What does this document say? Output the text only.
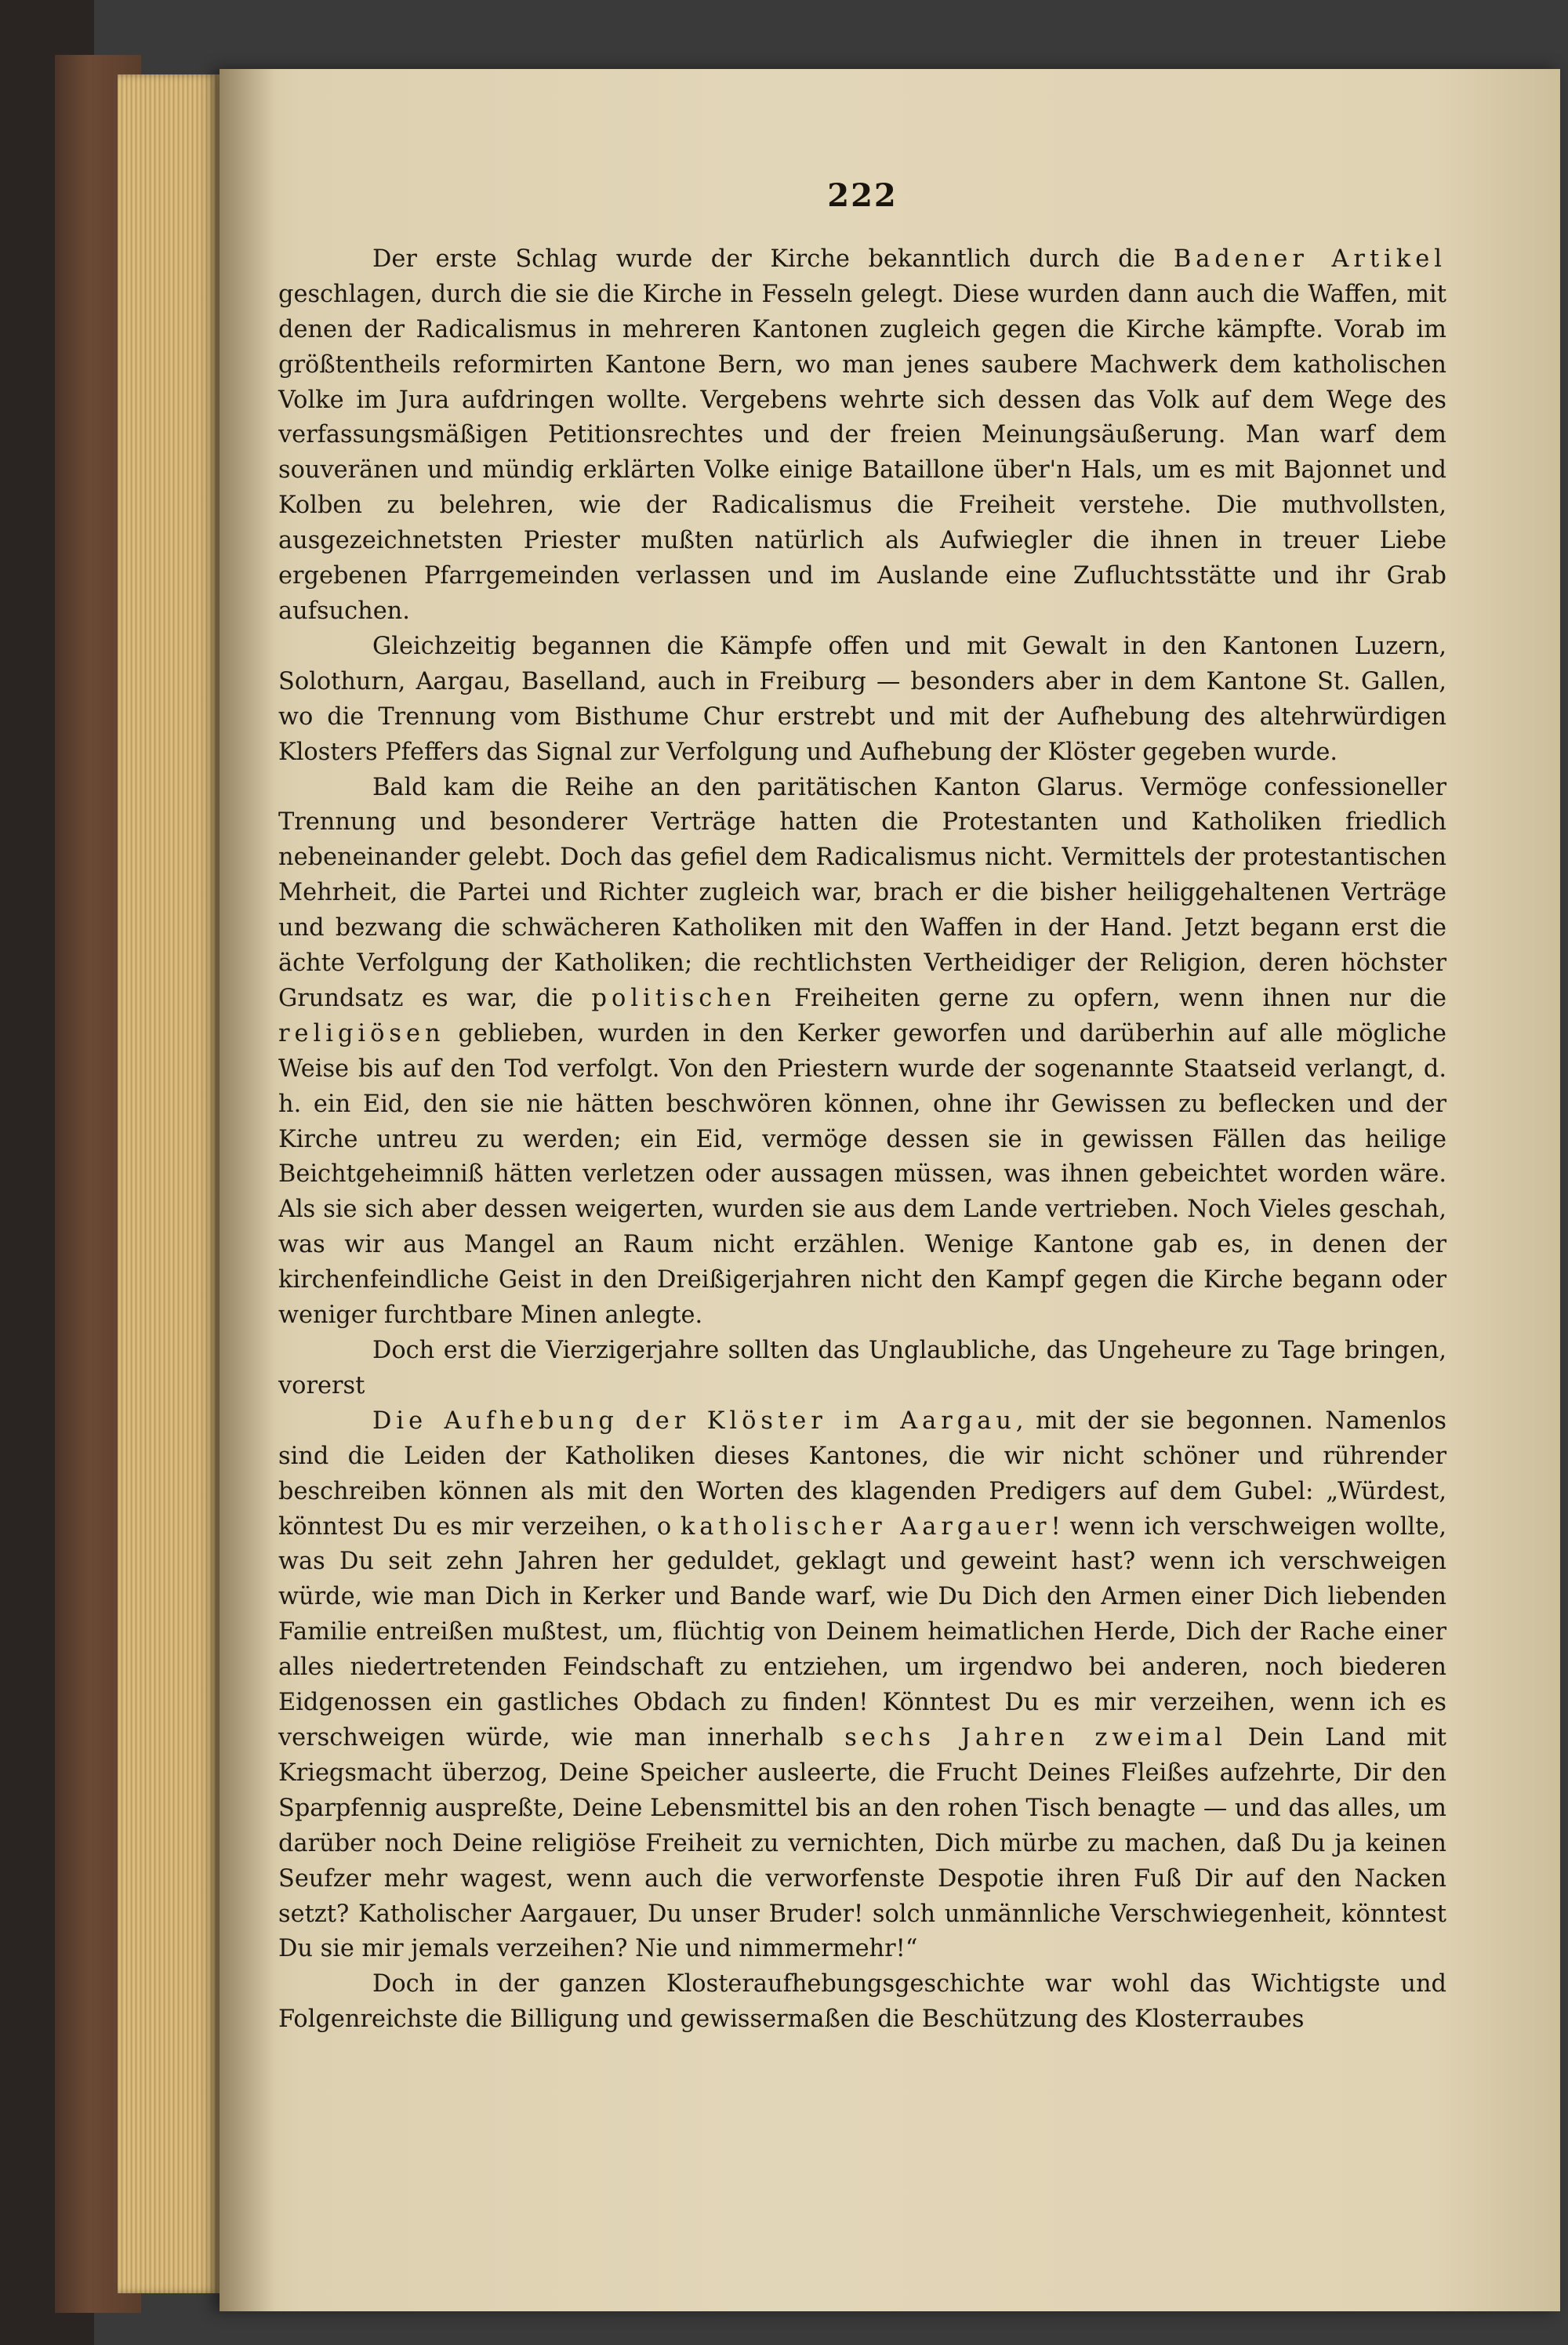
222

Der erste Schlag wurde der Kirche bekanntlich durch die Badener Artikel geschlagen, durch die sie die Kirche in Fesseln gelegt. Diese wurden dann auch die Waffen, mit denen der Radicalismus in mehreren Kantonen zugleich gegen die Kirche kämpfte. Vorab im größtentheils reformirten Kantone Bern, wo man jenes saubere Machwerk dem katholischen Volke im Jura aufdringen wollte. Vergebens wehrte sich dessen das Volk auf dem Wege des verfassungsmäßigen Petitionsrechtes und der freien Meinungsäußerung. Man warf dem souveränen und mündig erklärten Volke einige Bataillone über'n Hals, um es mit Bajonnet und Kolben zu belehren, wie der Radicalismus die Freiheit verstehe. Die muthvollsten, ausgezeichnetsten Priester mußten natürlich als Aufwiegler die ihnen in treuer Liebe ergebenen Pfarrgemeinden verlassen und im Auslande eine Zufluchtsstätte und ihr Grab aufsuchen.

Gleichzeitig begannen die Kämpfe offen und mit Gewalt in den Kantonen Luzern, Solothurn, Aargau, Baselland, auch in Freiburg — besonders aber in dem Kantone St. Gallen, wo die Trennung vom Bisthume Chur erstrebt und mit der Aufhebung des altehrwürdigen Klosters Pfeffers das Signal zur Verfolgung und Aufhebung der Klöster gegeben wurde.

Bald kam die Reihe an den paritätischen Kanton Glarus. Vermöge confessioneller Trennung und besonderer Verträge hatten die Protestanten und Katholiken friedlich nebeneinander gelebt. Doch das gefiel dem Radicalismus nicht. Vermittels der protestantischen Mehrheit, die Partei und Richter zugleich war, brach er die bisher heiliggehaltenen Verträge und bezwang die schwächeren Katholiken mit den Waffen in der Hand. Jetzt begann erst die ächte Verfolgung der Katholiken; die rechtlichsten Vertheidiger der Religion, deren höchster Grundsatz es war, die politischen Freiheiten gerne zu opfern, wenn ihnen nur die religiösen geblieben, wurden in den Kerker geworfen und darüberhin auf alle mögliche Weise bis auf den Tod verfolgt. Von den Priestern wurde der sogenannte Staatseid verlangt, d. h. ein Eid, den sie nie hätten beschwören können, ohne ihr Gewissen zu beflecken und der Kirche untreu zu werden; ein Eid, vermöge dessen sie in gewissen Fällen das heilige Beichtgeheimniß hätten verletzen oder aussagen müssen, was ihnen gebeichtet worden wäre. Als sie sich aber dessen weigerten, wurden sie aus dem Lande vertrieben. Noch Vieles geschah, was wir aus Mangel an Raum nicht erzählen. Wenige Kantone gab es, in denen der kirchenfeindliche Geist in den Dreißigerjahren nicht den Kampf gegen die Kirche begann oder weniger furchtbare Minen anlegte.

Doch erst die Vierzigerjahre sollten das Unglaubliche, das Ungeheure zu Tage bringen, vorerst

Die Aufhebung der Klöster im Aargau, mit der sie begonnen. Namenlos sind die Leiden der Katholiken dieses Kantones, die wir nicht schöner und rührender beschreiben können als mit den Worten des klagenden Predigers auf dem Gubel: „Würdest, könntest Du es mir verzeihen, o katholischer Aargauer! wenn ich verschweigen wollte, was Du seit zehn Jahren her geduldet, geklagt und geweint hast? wenn ich verschweigen würde, wie man Dich in Kerker und Bande warf, wie Du Dich den Armen einer Dich liebenden Familie entreißen mußtest, um, flüchtig von Deinem heimatlichen Herde, Dich der Rache einer alles niedertretenden Feindschaft zu entziehen, um irgendwo bei anderen, noch biederen Eidgenossen ein gastliches Obdach zu finden! Könntest Du es mir verzeihen, wenn ich es verschweigen würde, wie man innerhalb sechs Jahren zweimal Dein Land mit Kriegsmacht überzog, Deine Speicher ausleerte, die Frucht Deines Fleißes aufzehrte, Dir den Sparpfennig auspreßte, Deine Lebensmittel bis an den rohen Tisch benagte — und das alles, um darüber noch Deine religiöse Freiheit zu vernichten, Dich mürbe zu machen, daß Du ja keinen Seufzer mehr wagest, wenn auch die verworfenste Despotie ihren Fuß Dir auf den Nacken setzt? Katholischer Aargauer, Du unser Bruder! solch unmännliche Verschwiegenheit, könntest Du sie mir jemals verzeihen? Nie und nimmermehr!“

Doch in der ganzen Klosteraufhebungsgeschichte war wohl das Wichtigste und Folgenreichste die Billigung und gewissermaßen die Beschützung des Klosterraubes
